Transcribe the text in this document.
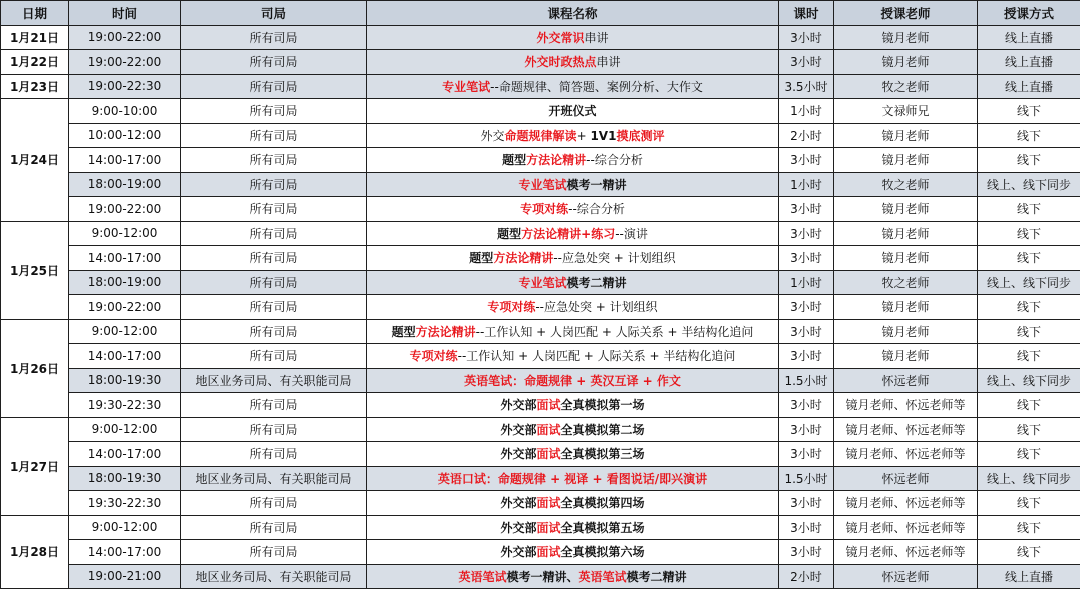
日期	时间	司局	课程名称	课时	授课老师	授课方式
1月21日	19:00-22:00	所有司局	外交常识串讲	3小时	镜月老师	线上直播
1月22日	19:00-22:00	所有司局	外交时政热点串讲	3小时	镜月老师	线上直播
1月23日	19:00-22:30	所有司局	专业笔试--命题规律、简答题、案例分析、大作文	3.5小时	牧之老师	线上直播
1月24日	9:00-10:00	所有司局	开班仪式	1小时	文禄师兄	线下
	10:00-12:00	所有司局	外交命题规律解读+ 1V1摸底测评	2小时	镜月老师	线下
	14:00-17:00	所有司局	题型方法论精讲--综合分析	3小时	镜月老师	线下
	18:00-19:00	所有司局	专业笔试模考一精讲	1小时	牧之老师	线上、线下同步
	19:00-22:00	所有司局	专项对练--综合分析	3小时	镜月老师	线下
1月25日	9:00-12:00	所有司局	题型方法论精讲+练习--演讲	3小时	镜月老师	线下
	14:00-17:00	所有司局	题型方法论精讲--应急处突 + 计划组织	3小时	镜月老师	线下
	18:00-19:00	所有司局	专业笔试模考二精讲	1小时	牧之老师	线上、线下同步
	19:00-22:00	所有司局	专项对练--应急处突 + 计划组织	3小时	镜月老师	线下
1月26日	9:00-12:00	所有司局	题型方法论精讲--工作认知 + 人岗匹配 + 人际关系 + 半结构化追问	3小时	镜月老师	线下
	14:00-17:00	所有司局	专项对练--工作认知 + 人岗匹配 + 人际关系 + 半结构化追问	3小时	镜月老师	线下
	18:00-19:30	地区业务司局、有关职能司局	英语笔试：命题规律 + 英汉互译 + 作文	1.5小时	怀远老师	线上、线下同步
	19:30-22:30	所有司局	外交部面试全真模拟第一场	3小时	镜月老师、怀远老师等	线下
1月27日	9:00-12:00	所有司局	外交部面试全真模拟第二场	3小时	镜月老师、怀远老师等	线下
	14:00-17:00	所有司局	外交部面试全真模拟第三场	3小时	镜月老师、怀远老师等	线下
	18:00-19:30	地区业务司局、有关职能司局	英语口试：命题规律 + 视译 + 看图说话/即兴演讲	1.5小时	怀远老师	线上、线下同步
	19:30-22:30	所有司局	外交部面试全真模拟第四场	3小时	镜月老师、怀远老师等	线下
1月28日	9:00-12:00	所有司局	外交部面试全真模拟第五场	3小时	镜月老师、怀远老师等	线下
	14:00-17:00	所有司局	外交部面试全真模拟第六场	3小时	镜月老师、怀远老师等	线下
	19:00-21:00	地区业务司局、有关职能司局	英语笔试模考一精讲、英语笔试模考二精讲	2小时	怀远老师	线上直播
